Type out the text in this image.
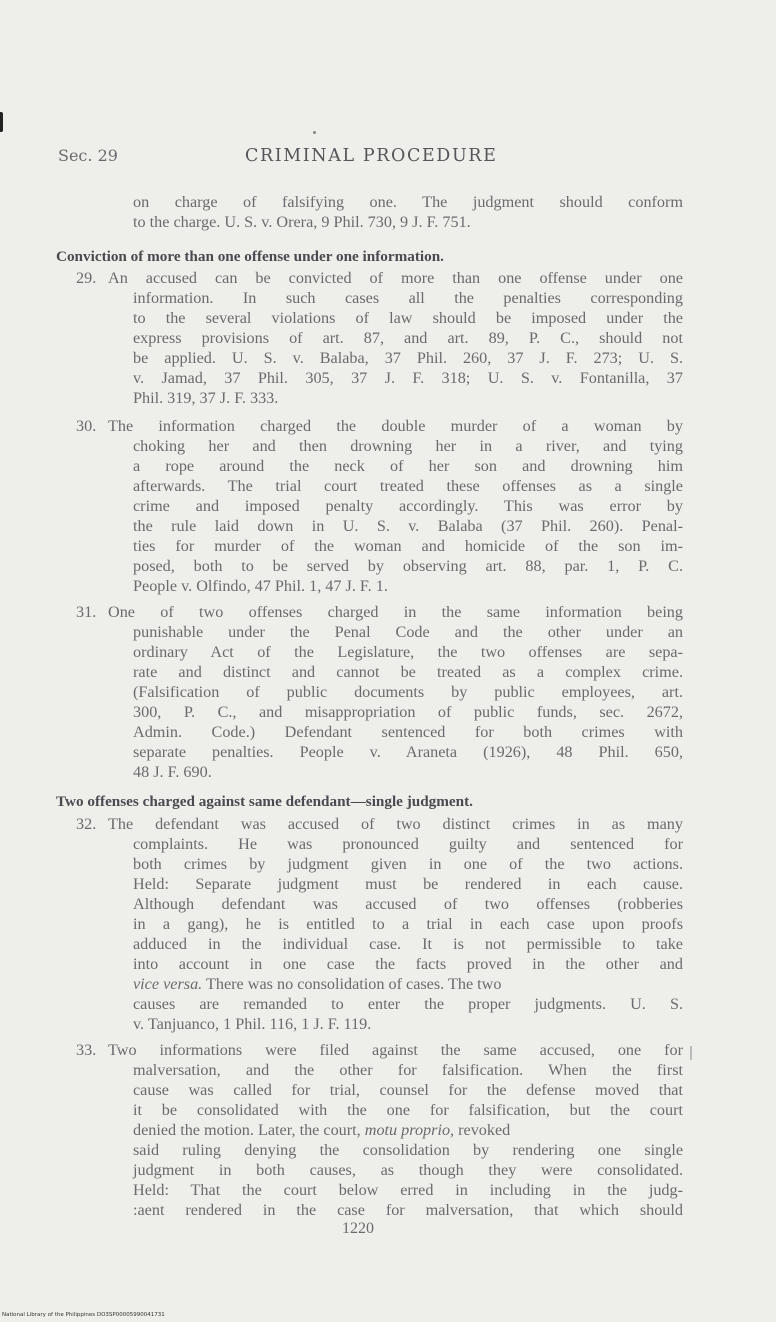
Sec. 29	CRIMINAL PROCEDURE
on charge of falsifying one. The judgment should conform
to the charge. U. S. v. Orera, 9 Phil. 730, 9 J. F. 751.
Conviction of more than one offense under one information.
29. An accused can be convicted of more than one offense under one
information. In such cases all the penalties corresponding
to the several violations of law should be imposed under the
express provisions of art. 87, and art. 89, P. C., should not
be applied. U. S. v. Balaba, 37 Phil. 260, 37 J. F. 273; U. S.
v. Jamad, 37 Phil. 305, 37 J. F. 318; U. S. v. Fontanilla, 37
Phil. 319, 37 J. F. 333.
30. The information charged the double murder of a woman by
choking her and then drowning her in a river, and tying
a rope around the neck of her son and drowning him
afterwards. The trial court treated these offenses as a single
crime and imposed penalty accordingly. This was error by
the rule laid down in U. S. v. Balaba (37 Phil. 260). Penal-
ties for murder of the woman and homicide of the son im-
posed, both to be served by observing art. 88, par. 1, P. C.
People v. Olfindo, 47 Phil. 1, 47 J. F. 1.
31. One of two offenses charged in the same information being
punishable under the Penal Code and the other under an
ordinary Act of the Legislature, the two offenses are sepa-
rate and distinct and cannot be treated as a complex crime.
(Falsification of public documents by public employees, art.
300, P. C., and misappropriation of public funds, sec. 2672,
Admin. Code.) Defendant sentenced for both crimes with
separate penalties. People v. Araneta (1926), 48 Phil. 650,
48 J. F. 690.
Two offenses charged against same defendant—single judgment.
32. The defendant was accused of two distinct crimes in as many
complaints. He was pronounced guilty and sentenced for
both crimes by judgment given in one of the two actions.
Held: Separate judgment must be rendered in each cause.
Although defendant was accused of two offenses (robberies
in a gang), he is entitled to a trial in each case upon proofs
adduced in the individual case. It is not permissible to take
into account in one case the facts proved in the other and
vice versa. There was no consolidation of cases. The two
causes are remanded to enter the proper judgments. U. S.
v. Tanjuanco, 1 Phil. 116, 1 J. F. 119.
33. Two informations were filed against the same accused, one for
malversation, and the other for falsification. When the first
cause was called for trial, counsel for the defense moved that
it be consolidated with the one for falsification, but the court
denied the motion. Later, the court, motu proprio, revoked
said ruling denying the consolidation by rendering one single
judgment in both causes, as though they were consolidated.
Held: That the court below erred in including in the judg-
:aent rendered in the case for malversation, that which should
1220
National Library of the Philippines DO3SP00005990041731
